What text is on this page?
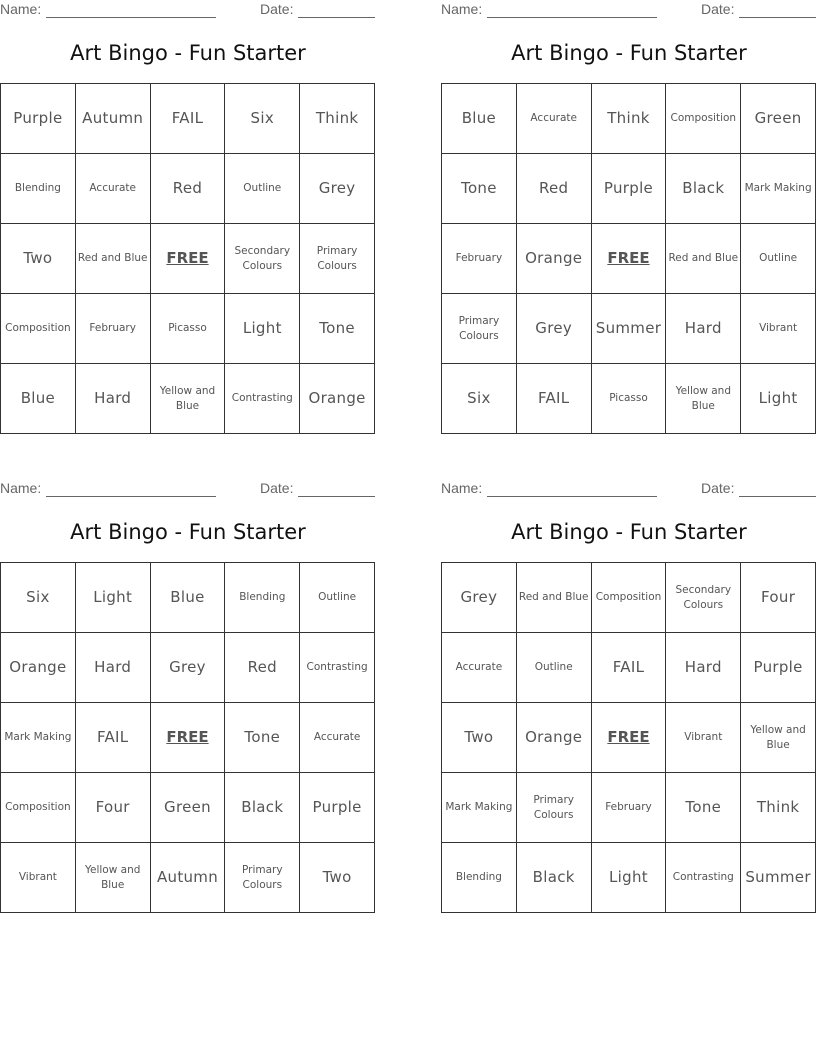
Name:	Date:
Art Bingo - Fun Starter
Purple	Autumn	FAIL	Six	Think
Blending	Accurate	Red	Outline	Grey
Two	Red and Blue	FREE	Secondary Colours	Primary Colours
Composition	February	Picasso	Light	Tone
Blue	Hard	Yellow and Blue	Contrasting	Orange
Name:	Date:
Art Bingo - Fun Starter
Blue	Accurate	Think	Composition	Green
Tone	Red	Purple	Black	Mark Making
February	Orange	FREE	Red and Blue	Outline
Primary Colours	Grey	Summer	Hard	Vibrant
Six	FAIL	Picasso	Yellow and Blue	Light
Name:	Date:
Art Bingo - Fun Starter
Six	Light	Blue	Blending	Outline
Orange	Hard	Grey	Red	Contrasting
Mark Making	FAIL	FREE	Tone	Accurate
Composition	Four	Green	Black	Purple
Vibrant	Yellow and Blue	Autumn	Primary Colours	Two
Name:	Date:
Art Bingo - Fun Starter
Grey	Red and Blue	Composition	Secondary Colours	Four
Accurate	Outline	FAIL	Hard	Purple
Two	Orange	FREE	Vibrant	Yellow and Blue
Mark Making	Primary Colours	February	Tone	Think
Blending	Black	Light	Contrasting	Summer
